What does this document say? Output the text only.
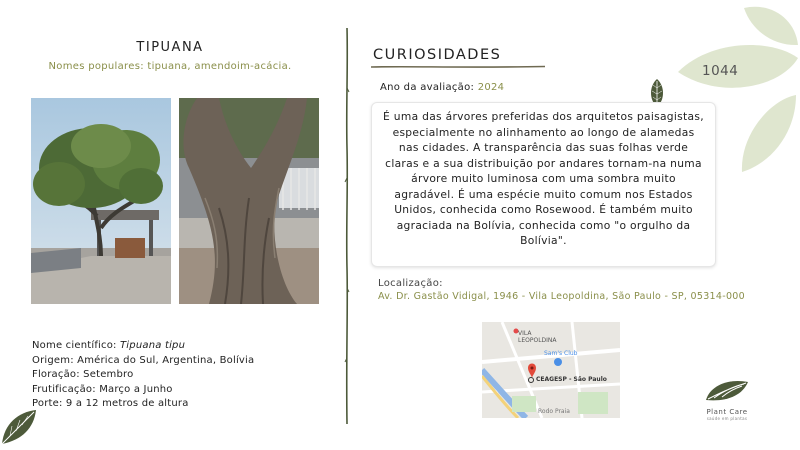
1044
TIPUANA
Nomes populares: tipuana, amendoim-acácia.
Nome científico: Tipuana tipu
Origem: América do Sul, Argentina, Bolívia
Floração: Setembro
Frutificação: Março a Junho
Porte: 9 a 12 metros de altura
CURIOSIDADES
Ano da avaliação: 2024
É uma das árvores preferidas dos arquitetos paisagistas, especialmente no alinhamento ao longo de alamedas nas cidades. A transparência das suas folhas verde claras e a sua distribuição por andares tornam-na numa árvore muito luminosa com uma sombra muito agradável. É uma espécie muito comum nos Estados Unidos, conhecida como Rosewood. É também muito agraciada na Bolívia, conhecida como "o orgulho da Bolívia".
Localização:
Av. Dr. Gastão Vidigal, 1946 - Vila Leopoldina, São Paulo - SP, 05314-000
VILA
LEOPOLDINA
Sam's Club
CEAGESP - São Paulo
Rodo Praia	Plant Care
saúde em plantas
